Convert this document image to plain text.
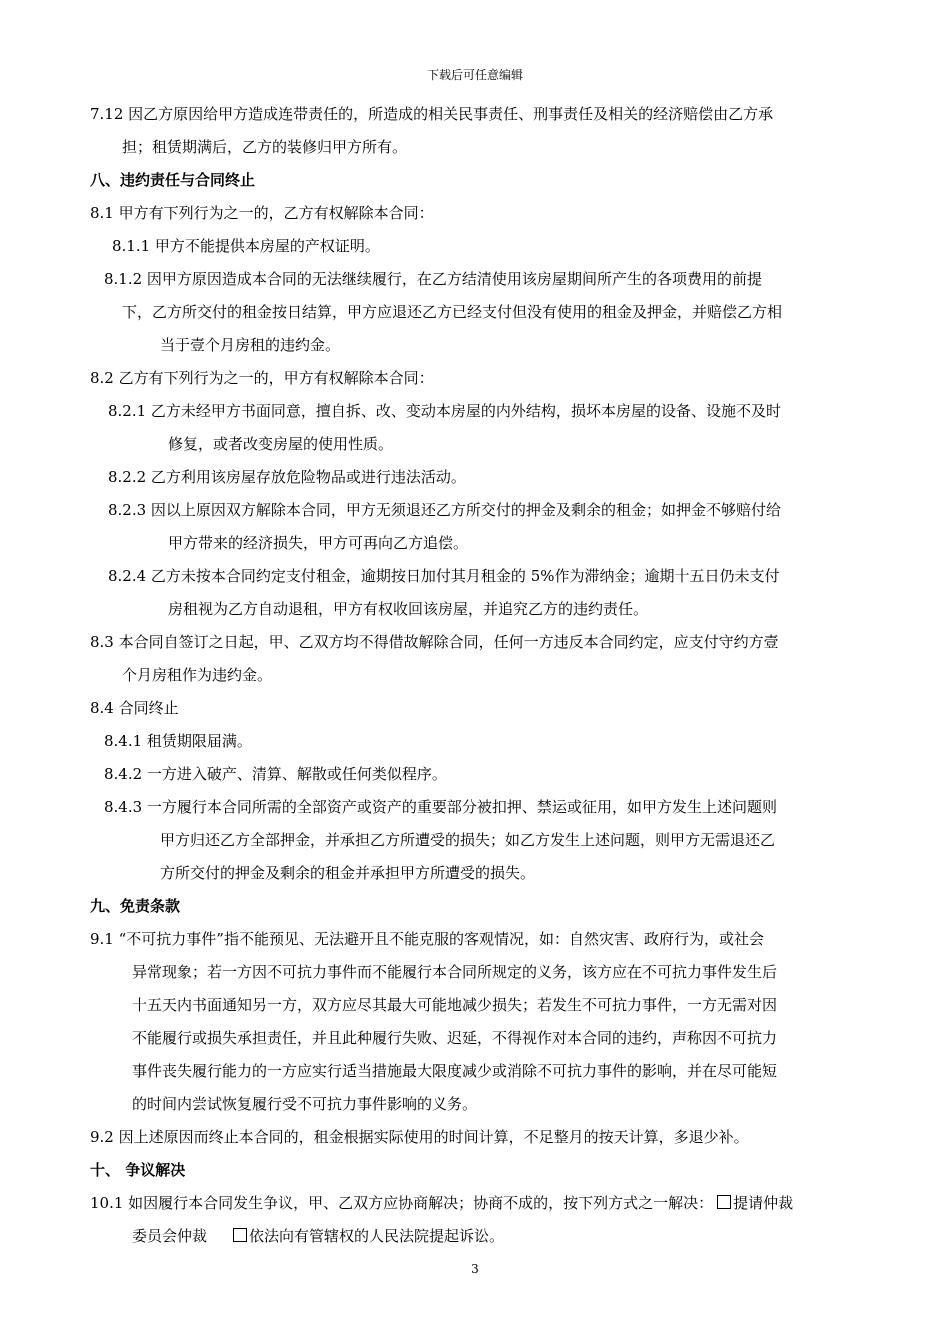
下载后可任意编辑

7.12 因乙方原因给甲方造成连带责任的，所造成的相关民事责任、刑事责任及相关的经济赔偿由乙方承

担；租赁期满后，乙方的装修归甲方所有。

八、违约责任与合同终止

8.1 甲方有下列行为之一的，乙方有权解除本合同：

8.1.1 甲方不能提供本房屋的产权证明。

8.1.2 因甲方原因造成本合同的无法继续履行，在乙方结清使用该房屋期间所产生的各项费用的前提

下，乙方所交付的租金按日结算，甲方应退还乙方已经支付但没有使用的租金及押金，并赔偿乙方相

当于壹个月房租的违约金。

8.2 乙方有下列行为之一的，甲方有权解除本合同：

8.2.1 乙方未经甲方书面同意，擅自拆、改、变动本房屋的内外结构，损坏本房屋的设备、设施不及时

修复，或者改变房屋的使用性质。

8.2.2 乙方利用该房屋存放危险物品或进行违法活动。

8.2.3 因以上原因双方解除本合同，甲方无须退还乙方所交付的押金及剩余的租金；如押金不够赔付给

甲方带来的经济损失，甲方可再向乙方追偿。

8.2.4 乙方未按本合同约定支付租金，逾期按日加付其月租金的 5%作为滞纳金；逾期十五日仍未支付

房租视为乙方自动退租，甲方有权收回该房屋，并追究乙方的违约责任。

8.3 本合同自签订之日起，甲、乙双方均不得借故解除合同，任何一方违反本合同约定，应支付守约方壹

个月房租作为违约金。

8.4 合同终止

8.4.1 租赁期限届满。

8.4.2 一方进入破产、清算、解散或任何类似程序。

8.4.3 一方履行本合同所需的全部资产或资产的重要部分被扣押、禁运或征用，如甲方发生上述问题则

甲方归还乙方全部押金，并承担乙方所遭受的损失；如乙方发生上述问题，则甲方无需退还乙

方所交付的押金及剩余的租金并承担甲方所遭受的损失。

九、免责条款

9.1 “不可抗力事件”指不能预见、无法避开且不能克服的客观情况，如：自然灾害、政府行为，或社会

异常现象；若一方因不可抗力事件而不能履行本合同所规定的义务，该方应在不可抗力事件发生后

十五天内书面通知另一方，双方应尽其最大可能地减少损失；若发生不可抗力事件，一方无需对因

不能履行或损失承担责任，并且此种履行失败、迟延，不得视作对本合同的违约，声称因不可抗力

事件丧失履行能力的一方应实行适当措施最大限度减少或消除不可抗力事件的影响，并在尽可能短

的时间内尝试恢复履行受不可抗力事件影响的义务。

9.2 因上述原因而终止本合同的，租金根据实际使用的时间计算，不足整月的按天计算，多退少补。

十、 争议解决

10.1 如因履行本合同发生争议，甲、乙双方应协商解决；协商不成的，按下列方式之一解决： 提请仲裁

委员会仲裁	依法向有管辖权的人民法院提起诉讼。

3
